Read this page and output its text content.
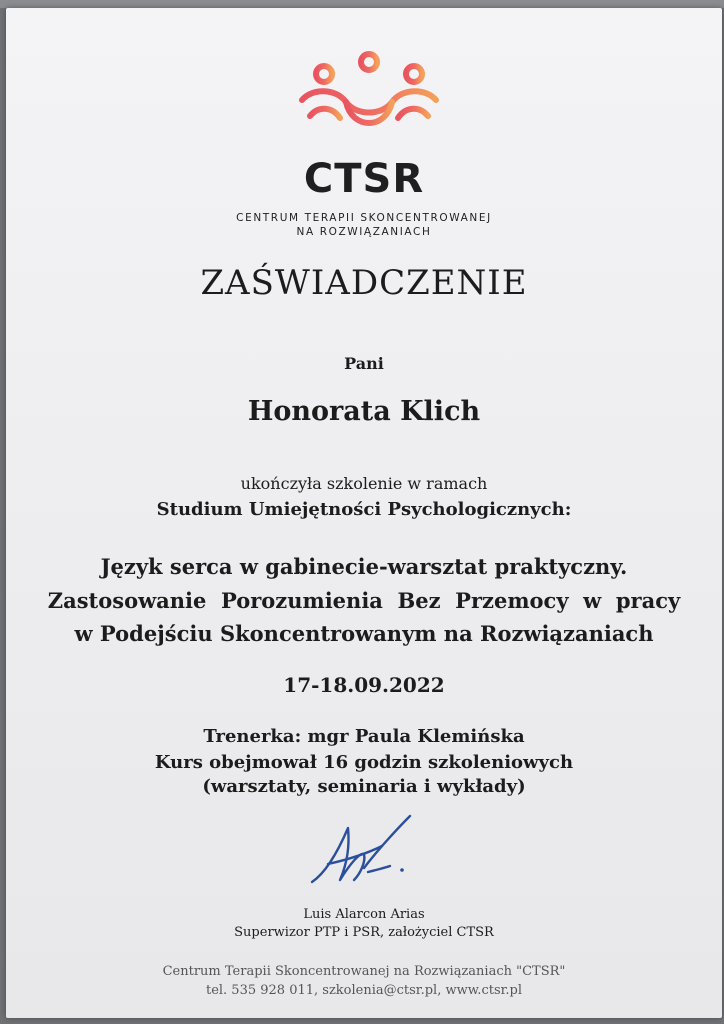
CTSR
CENTRUM TERAPII SKONCENTROWANEJ
NA ROZWIĄZANIACH
ZAŚWIADCZENIE
Pani
Honorata Klich
ukończyła szkolenie w ramach
Studium Umiejętności Psychologicznych:
Język serca w gabinecie-warsztat praktyczny.
Zastosowanie  Porozumienia  Bez  Przemocy  w  pracy
w Podejściu Skoncentrowanym na Rozwiązaniach
17-18.09.2022
Trenerka: mgr Paula Klemińska
Kurs obejmował 16 godzin szkoleniowych
(warsztaty, seminaria i wykłady)
Luis Alarcon Arias
Superwizor PTP i PSR, założyciel CTSR
Centrum Terapii Skoncentrowanej na Rozwiązaniach "CTSR"
tel. 535 928 011, szkolenia@ctsr.pl, www.ctsr.pl
